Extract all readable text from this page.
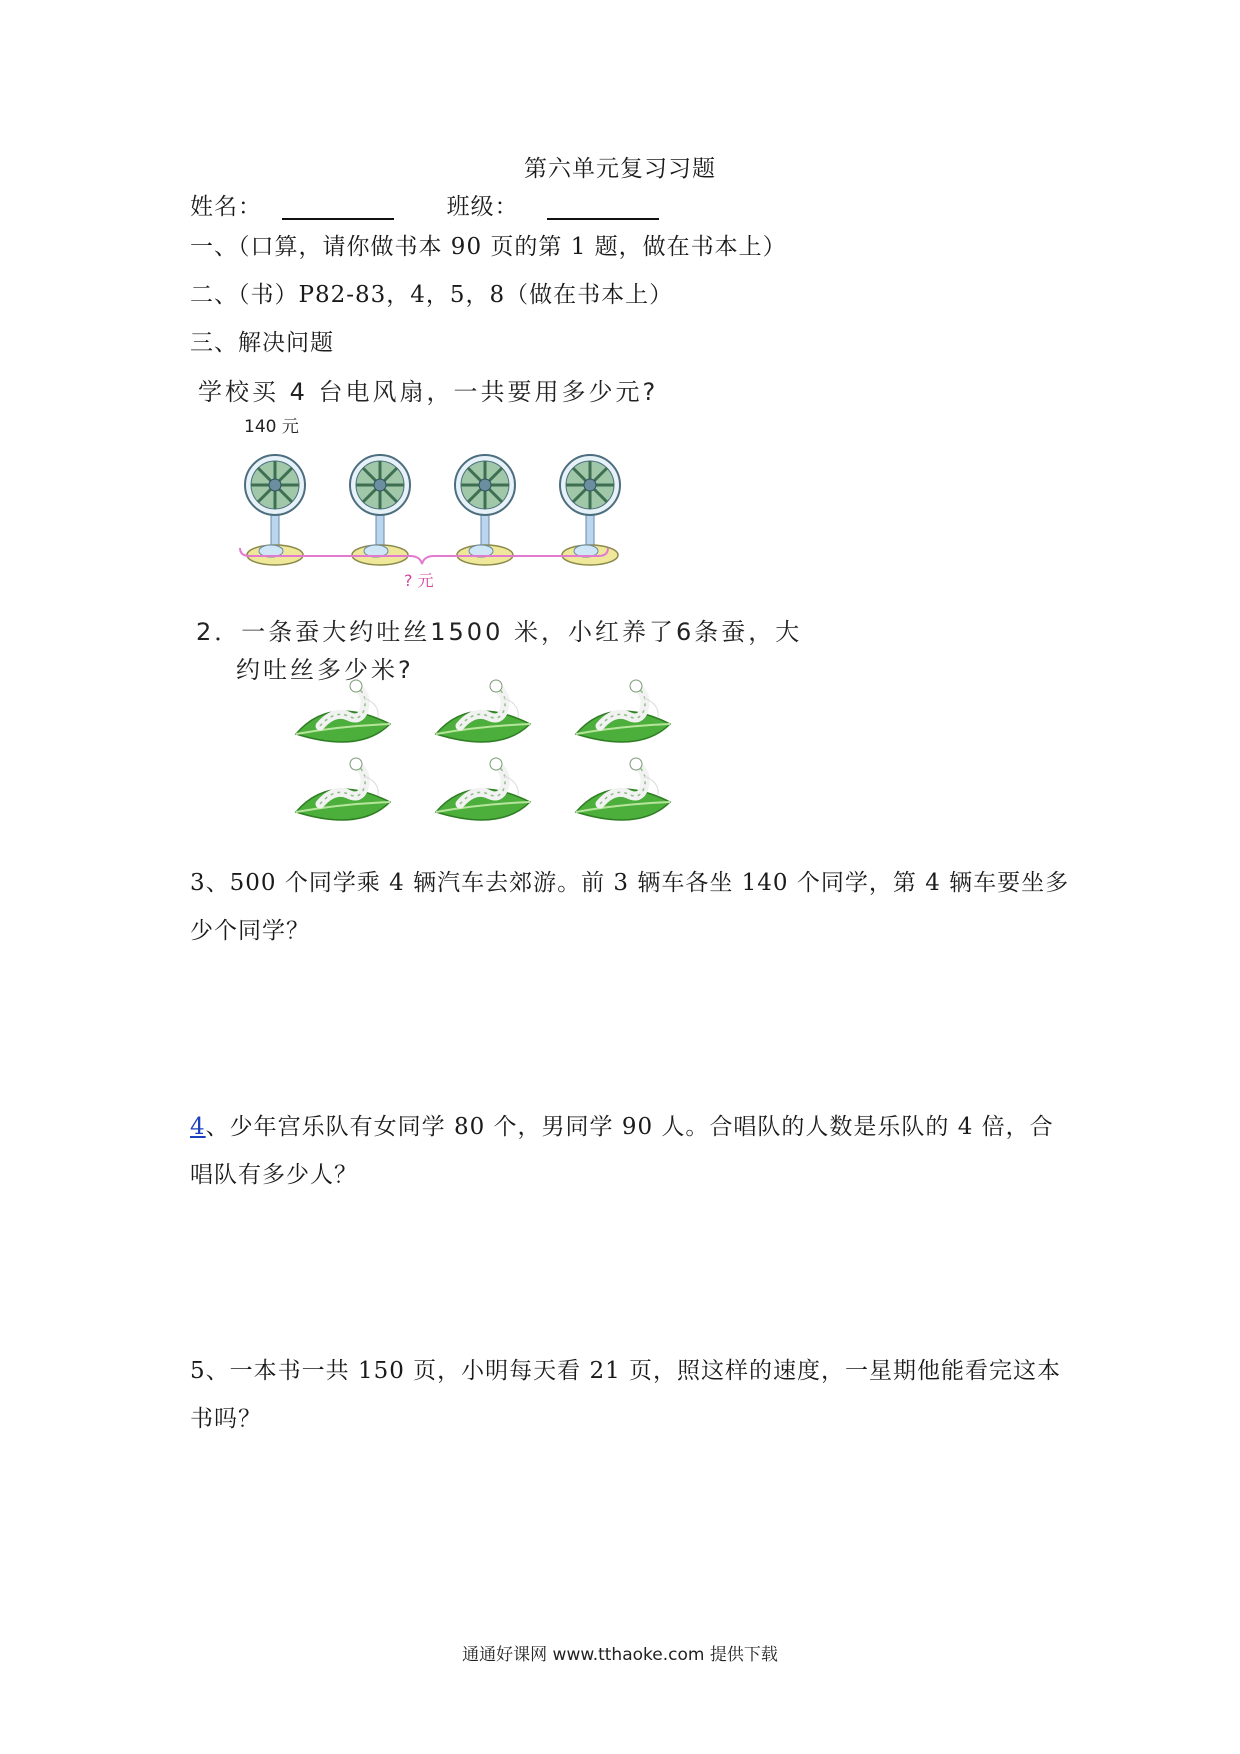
第六单元复习习题
姓名：	班级：
一、（口算，请你做书本 90 页的第 1 题，做在书本上）
二、（书）P82-83，4，5，8（做在书本上）
三、解决问题
学校买 4 台电风扇，一共要用多少元?
140 元
? 元
2．一条蚕大约吐丝1500 米，小红养了6条蚕，大
约吐丝多少米?
3、500 个同学乘 4 辆汽车去郊游。前 3 辆车各坐 140 个同学，第 4 辆车要坐多
少个同学？
4、少年宫乐队有女同学 80 个，男同学 90 人。合唱队的人数是乐队的 4 倍，合
唱队有多少人？
5、一本书一共 150 页，小明每天看 21 页，照这样的速度，一星期他能看完这本
书吗？
通通好课网 www.tthaoke.com 提供下载
